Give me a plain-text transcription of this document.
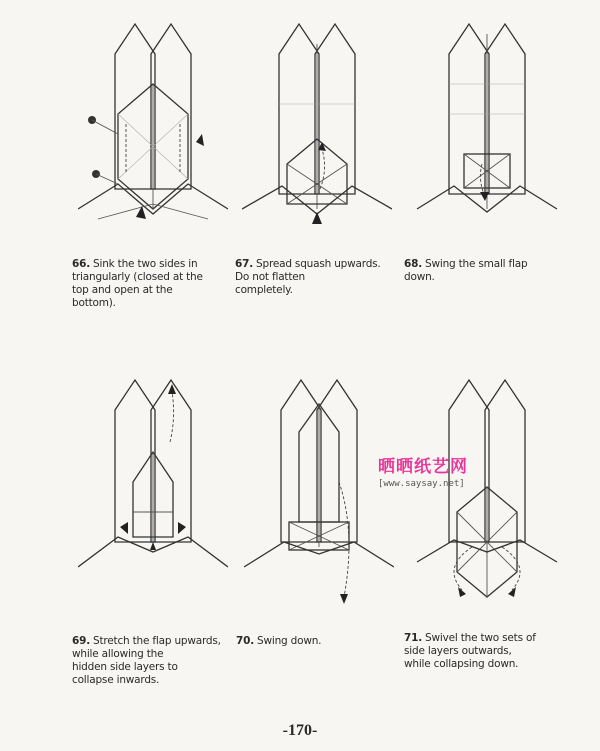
66. Sink the two sides in
triangularly (closed at the
top and open at the
bottom).
67. Spread squash upwards.
Do not flatten
completely.
68. Swing the small flap
down.
晒晒纸艺网
[www.saysay.net]
69. Stretch the flap upwards,
while allowing the
hidden side layers to
collapse inwards.
70. Swing down.	71. Swivel the two sets of
side layers outwards,
while collapsing down.
-170-
